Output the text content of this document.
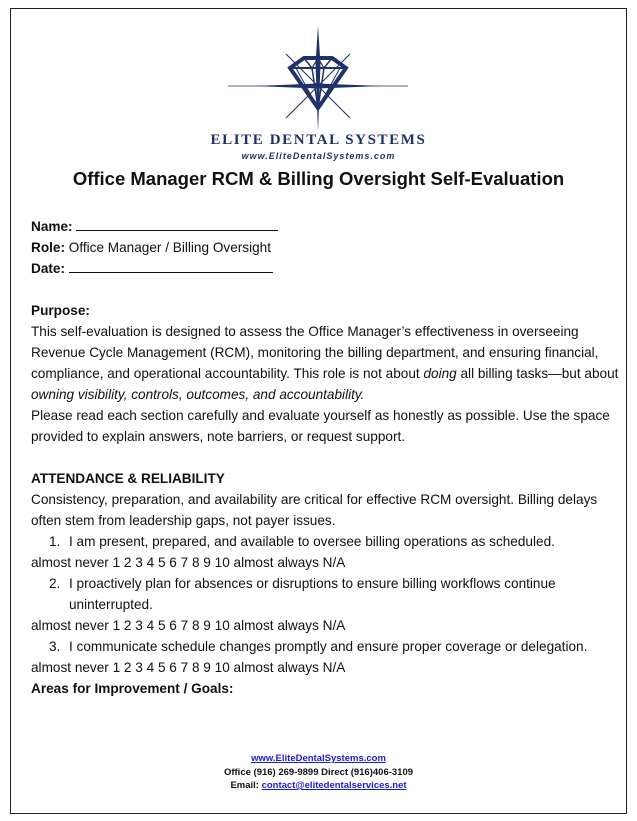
ELITE DENTAL SYSTEMS
www.EliteDentalSystems.com
Office Manager RCM & Billing Oversight Self-Evaluation

Name:

Role: Office Manager / Billing Oversight

Date:

Purpose:

This self-evaluation is designed to assess the Office Manager’s effectiveness in overseeing Revenue Cycle Management (RCM), monitoring the billing department, and ensuring financial, compliance, and operational accountability. This role is not about doing all billing tasks—but about owning visibility, controls, outcomes, and accountability.

Please read each section carefully and evaluate yourself as honestly as possible. Use the space provided to explain answers, note barriers, or request support.

ATTENDANCE & RELIABILITY

Consistency, preparation, and availability are critical for effective RCM oversight. Billing delays often stem from leadership gaps, not payer issues.

1. I am present, prepared, and available to oversee billing operations as scheduled.

almost never 1 2 3 4 5 6 7 8 9 10 almost always N/A

2. I proactively plan for absences or disruptions to ensure billing workflows continue uninterrupted.

almost never 1 2 3 4 5 6 7 8 9 10 almost always N/A

3. I communicate schedule changes promptly and ensure proper coverage or delegation.

almost never 1 2 3 4 5 6 7 8 9 10 almost always N/A

Areas for Improvement / Goals:

www.EliteDentalSystems.com
Office (916) 269-9899 Direct (916)406-3109
Email: contact@elitedentalservices.net
